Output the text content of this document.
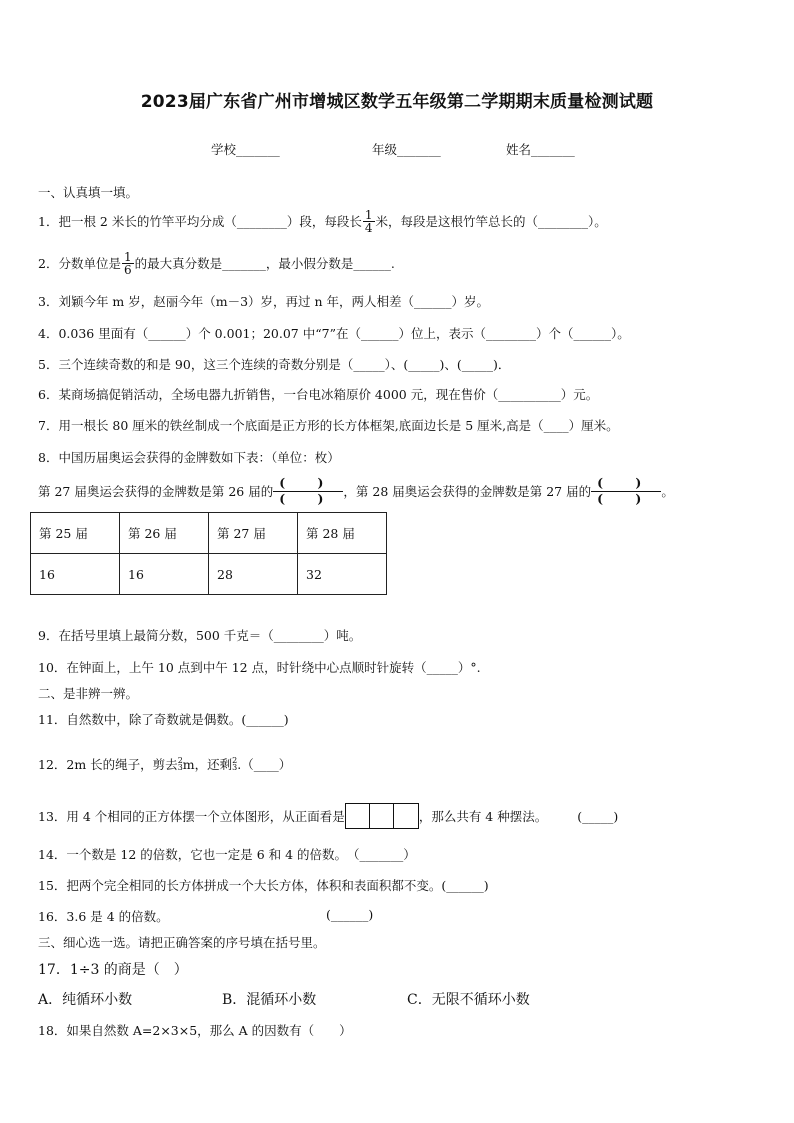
2023届广东省广州市增城区数学五年级第二学期期末质量检测试题
学校_______	年级_______	姓名_______
一、认真填一填。
1．把一根 2 米长的竹竿平均分成（________）段，每段长 $\frac{1}{4}$ 米，每段是这根竹竿总长的（________）。
2．分数单位是 $\frac{1}{6}$ 的最大真分数是_______，最小假分数是______.
3．刘颖今年 m 岁，赵丽今年（m－3）岁，再过 n 年，两人相差（______）岁。
4．0.036 里面有（______）个 0.001；20.07 中“7”在（______）位上，表示（________）个（______）。
5．三个连续奇数的和是 90，这三个连续的奇数分别是（_____）、(_____)、(_____)．
6．某商场搞促销活动，全场电器九折销售，一台电冰箱原价 4000 元，现在售价（__________）元。
7．用一根长 80 厘米的铁丝制成一个底面是正方形的长方体框架,底面边长是 5 厘米,高是（____）厘米。
8．中国历届奥运会获得的金牌数如下表：（单位：枚）
第 27 届奥运会获得的金牌数是第 26 届的 $\frac{( )}{( )}$ ，第 28 届奥运会获得的金牌数是第 27 届的 $\frac{( )}{( )}$ 。
第 25 届	第 26 届	第 27 届	第 28 届
16	16	28	32
9．在括号里填上最简分数，500 千克＝（________）吨。
10．在钟面上，上午 10 点到中午 12 点，时针绕中心点顺时针旋转（_____）°.
二、是非辨一辨。
11．自然数中，除了奇数就是偶数。(______)
12．2m 长的绳子，剪去 2
3 m，还剩 2
3 .（____）
13．用 4 个相同的正方体摆一个立体图形，从正面看是	，那么共有 4 种摆法。 (_____)
14．一个数是 12 的倍数，它也一定是 6 和 4 的倍数。　（_______）
15．把两个完全相同的长方体拼成一个大长方体，体积和表面积都不变。(______)
16．3.6 是 4 的倍数。	(______)
三、细心选一选。请把正确答案的序号填在括号里。
17．1÷3 的商是（　）
A．纯循环小数	B．混循环小数	C．无限不循环小数
18．如果自然数 A=2×3×5，那么 A 的因数有（　　）
